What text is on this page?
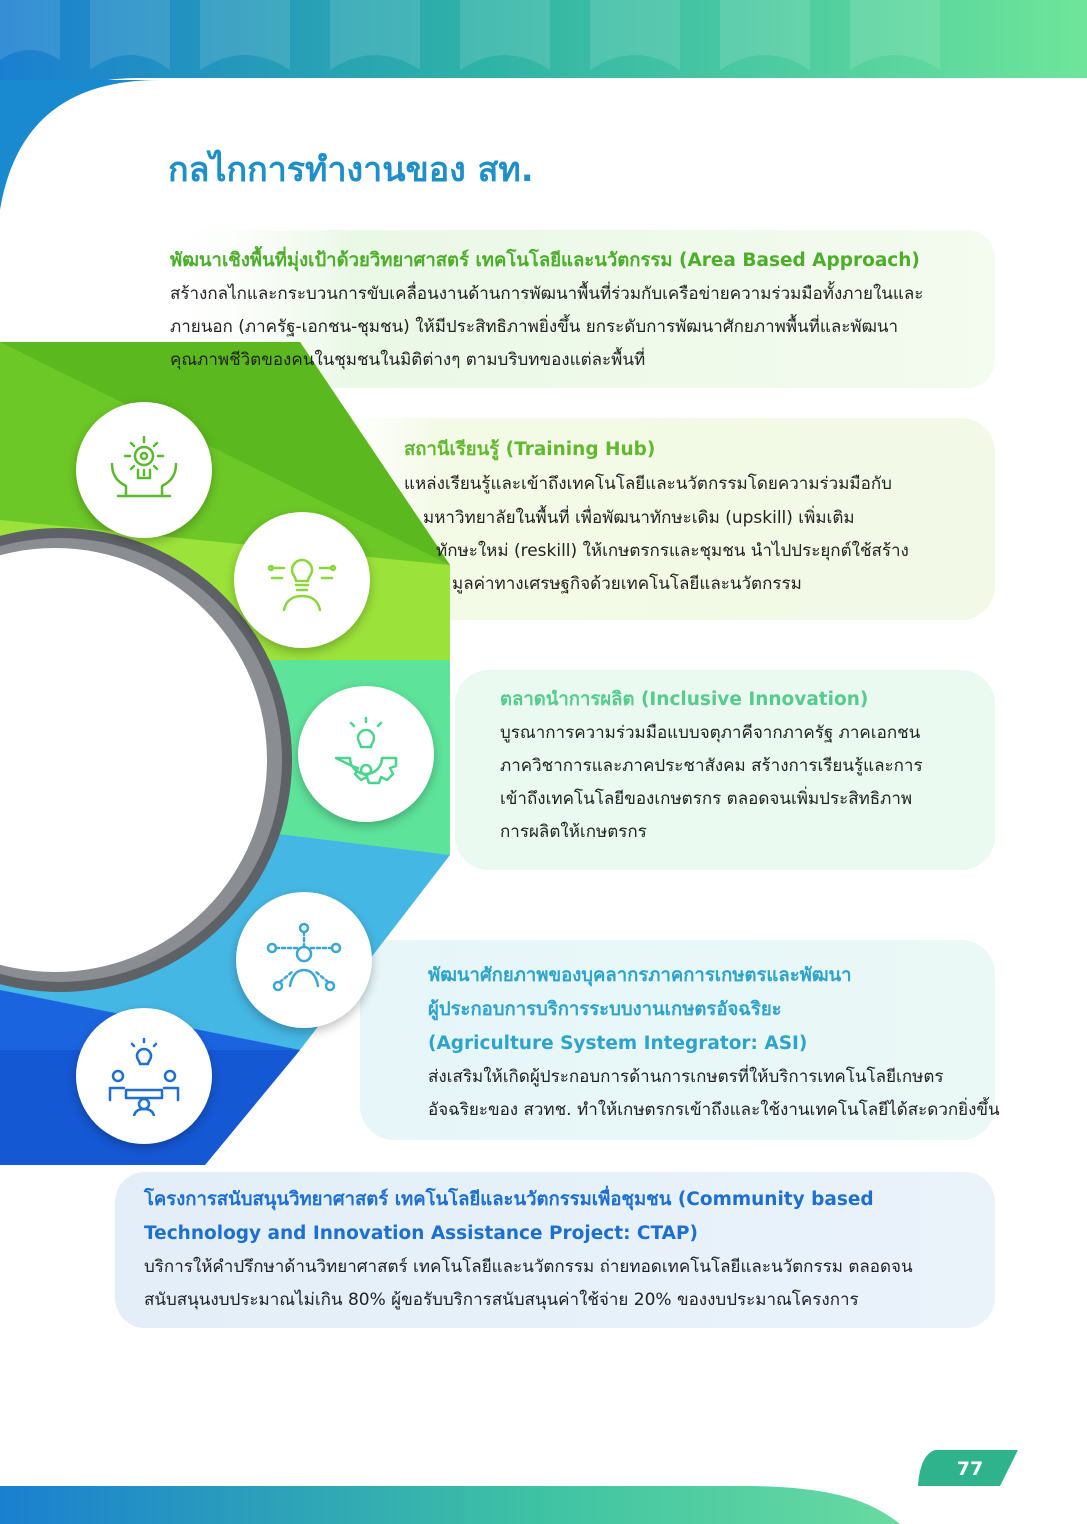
กลไกการทำงานของ สท.
พัฒนาเชิงพื้นที่มุ่งเป้าด้วยวิทยาศาสตร์ เทคโนโลยีและนวัตกรรม (Area Based Approach)
สร้างกลไกและกระบวนการขับเคลื่อนงานด้านการพัฒนาพื้นที่ร่วมกับเครือข่ายความร่วมมือทั้งภายในและ
ภายนอก (ภาครัฐ-เอกชน-ชุมชน) ให้มีประสิทธิภาพยิ่งขึ้น ยกระดับการพัฒนาศักยภาพพื้นที่และพัฒนา
คุณภาพชีวิตของคนในชุมชนในมิติต่างๆ ตามบริบทของแต่ละพื้นที่
สถานีเรียนรู้ (Training Hub)
แหล่งเรียนรู้และเข้าถึงเทคโนโลยีและนวัตกรรมโดยความร่วมมือกับ
มหาวิทยาลัยในพื้นที่ เพื่อพัฒนาทักษะเดิม (upskill) เพิ่มเติม
ทักษะใหม่ (reskill) ให้เกษตรกรและชุมชน นำไปประยุกต์ใช้สร้าง
มูลค่าทางเศรษฐกิจด้วยเทคโนโลยีและนวัตกรรม
ตลาดนำการผลิต (Inclusive Innovation)
บูรณาการความร่วมมือแบบจตุภาคีจากภาครัฐ ภาคเอกชน
ภาควิชาการและภาคประชาสังคม สร้างการเรียนรู้และการ
เข้าถึงเทคโนโลยีของเกษตรกร ตลอดจนเพิ่มประสิทธิภาพ
การผลิตให้เกษตรกร
พัฒนาศักยภาพของบุคลากรภาคการเกษตรและพัฒนา
ผู้ประกอบการบริการระบบงานเกษตรอัจฉริยะ
(Agriculture System Integrator: ASI)
ส่งเสริมให้เกิดผู้ประกอบการด้านการเกษตรที่ให้บริการเทคโนโลยีเกษตร
อัจฉริยะของ สวทช. ทำให้เกษตรกรเข้าถึงและใช้งานเทคโนโลยีได้สะดวกยิ่งขึ้น
โครงการสนับสนุนวิทยาศาสตร์ เทคโนโลยีและนวัตกรรมเพื่อชุมชน (Community based
Technology and Innovation Assistance Project: CTAP)
บริการให้คำปรึกษาด้านวิทยาศาสตร์ เทคโนโลยีและนวัตกรรม ถ่ายทอดเทคโนโลยีและนวัตกรรม ตลอดจน
สนับสนุนงบประมาณไม่เกิน 80% ผู้ขอรับบริการสนับสนุนค่าใช้จ่าย 20% ของงบประมาณโครงการ
77
